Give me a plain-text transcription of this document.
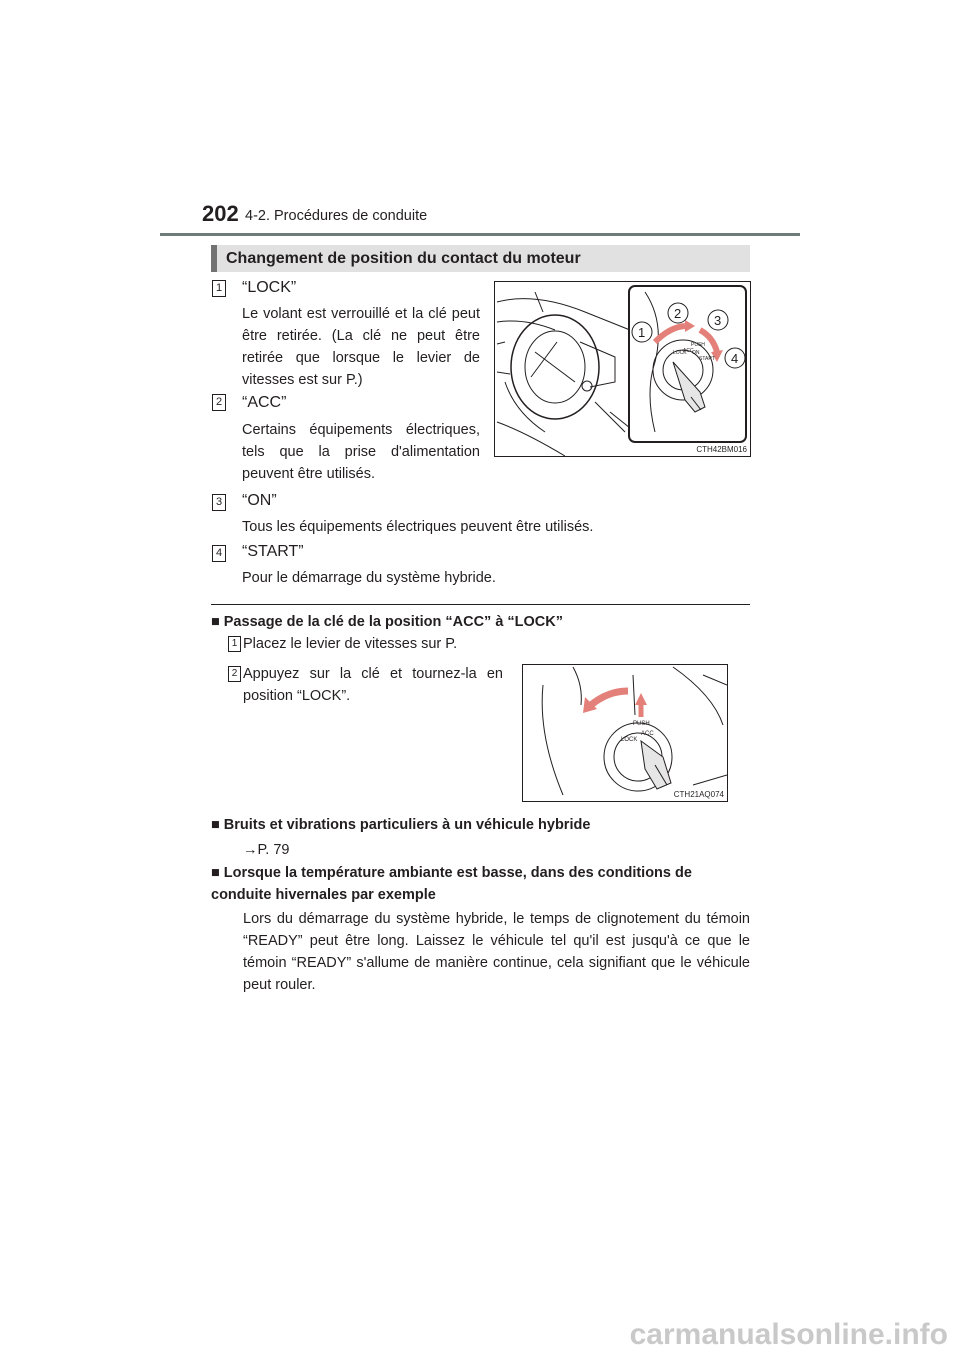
202 4-2. Procédures de conduite
Changement de position du contact du moteur
1 “LOCK”
Le volant est verrouillé et la clé peut être retirée. (La clé ne peut être retirée que lorsque le levier de vitesses est sur P.)
2 “ACC”
Certains équipements électriques, tels que la prise d'alimentation peuvent être utilisés.
1
2	3
4
LOCK
ACC
ON
START
PUSH
CTH42BM016
3 “ON”
Tous les équipements électriques peuvent être utilisés.
4 “START”
Pour le démarrage du système hybride.
■ Passage de la clé de la position “ACC” à “LOCK”
1 Placez le levier de vitesses sur P.
2 Appuyez sur la clé et tournez-la en position “LOCK”.
PUSH
LOCK
ACC
CTH21AQ074
■ Bruits et vibrations particuliers à un véhicule hybride
→P. 79
■ Lorsque la température ambiante est basse, dans des conditions de conduite hivernales par exemple
Lors du démarrage du système hybride, le temps de clignotement du témoin “READY” peut être long. Laissez le véhicule tel qu'il est jusqu'à ce que le témoin “READY” s'allume de manière continue, cela signifiant que le véhicule peut rouler.
carmanualsonline.info
